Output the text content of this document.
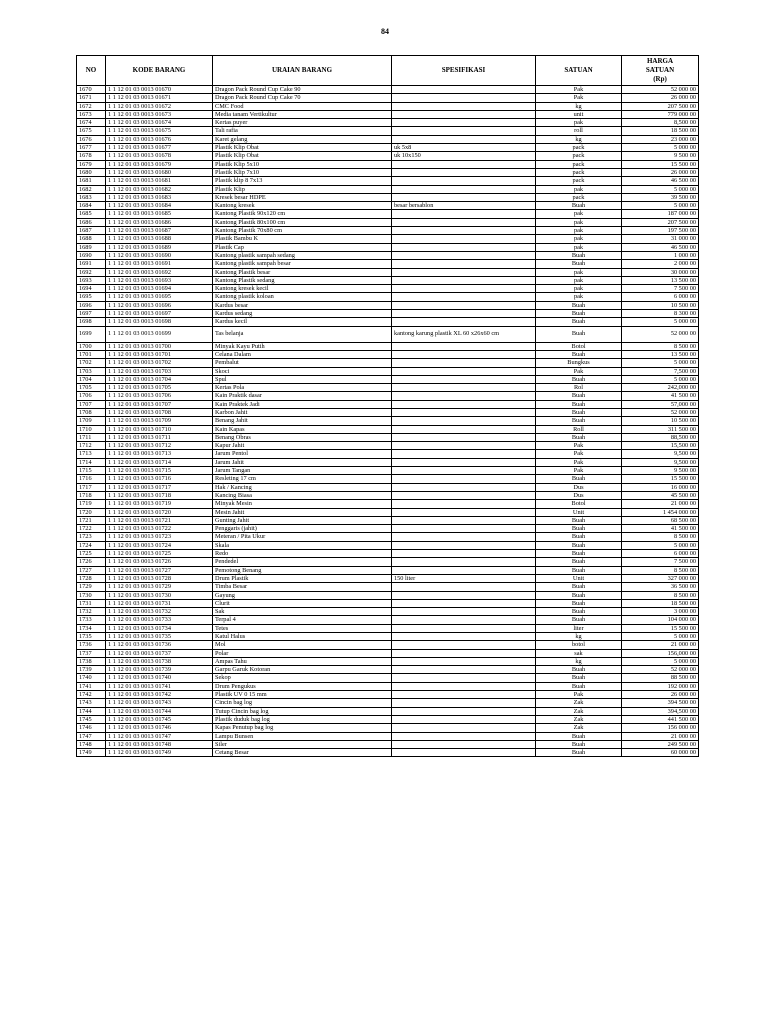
84
NO	KODE BARANG	URAIAN BARANG	SPESIFIKASI	SATUAN	HARGA
SATUAN
(Rp)

1670	1 1 12 01 03 0013 01670	Dragon Pack Round Cup Cake 90		Pak	52 000 00
1671	1 1 12 01 03 0013 01671	Dragon Pack Round Cup Cake 70		Pak	26 000 00
1672	1 1 12 01 03 0013 01672	CMC Food		kg	207 500 00
1673	1 1 12 01 03 0013 01673	Media tanam Vertikultur		unit	779 000 00
1674	1 1 12 01 03 0013 01674	Kertas puyer		pak	8,500 00
1675	1 1 12 01 03 0013 01675	Tali rafia		roll	18 500 00
1676	1 1 12 01 03 0013 01676	Karet gelang		kg	23 000 00
1677	1 1 12 01 03 0013 01677	Plastik Klip Obat	uk 5x8	pack	5 000 00
1678	1 1 12 01 03 0013 01678	Plastik Klip Obat	uk 10x150	pack	9 500 00
1679	1 1 12 01 03 0013 01679	Plastik Klip 5x10		pack	15 500 00
1680	1 1 12 01 03 0013 01680	Plastik Klip 7x10		pack	26 000 00
1681	1 1 12 01 03 0013 01681	Plastik klip 8 7x13		pack	46 500 00
1682	1 1 12 01 03 0013 01682	Plastik Klip		pak	5 000 00
1683	1 1 12 01 03 0013 01683	Kresek besar HDPE		pack	39 500 00
1684	1 1 12 01 03 0013 01684	Kantong kresek	besar bersablon	Buah	5 000 00
1685	1 1 12 01 03 0013 01685	Kantong Plastik 90x120 cm		pak	187 000 00
1686	1 1 12 01 03 0013 01686	Kantong Plastik 80x100 cm		pak	207 500 00
1687	1 1 12 01 03 0013 01687	Kantong Plastik 70x80 cm		pak	197 500 00
1688	1 1 12 01 03 0013 01688	Plastik Bambu K		pak	31 000 00
1689	1 1 12 01 03 0013 01689	Plastik Cap		pak	46 500 00
1690	1 1 12 01 03 0013 01690	Kantong plastik sampah sedang		Buah	1 000 00
1691	1 1 12 01 03 0013 01691	Kantong plastik sampah besar		Buah	2 000 00
1692	1 1 12 01 03 0013 01692	Kantong Plastik besar		pak	30 000 00
1693	1 1 12 01 03 0013 01693	Kantong Plastik sedang		pak	13 500 00
1694	1 1 12 01 03 0013 01694	Kantong kresek kecil		pak	7 500 00
1695	1 1 12 01 03 0013 01695	Kantong plastik koloan		pak	6 000 00
1696	1 1 12 01 03 0013 01696	Kardus besar		Buah	10 500 00
1697	1 1 12 01 03 0013 01697	Kardus sedang		Buah	8 300 00
1698	1 1 12 01 03 0013 01698	Kardus kecil		Buah	5 000 00
1699	1 1 12 01 03 0013 01699	Tas belanja	kantong karung plastik XL 60 x26x60 cm	Buah	52 000 00
1700	1 1 12 01 03 0013 01700	Minyak Kayu Putih		Botol	8 500 00
1701	1 1 12 01 03 0013 01701	Celana Dalam		Buah	13 500 00
1702	1 1 12 01 03 0013 01702	Pembalut		Bungkus	5 000 00
1703	1 1 12 01 03 0013 01703	Skoci		Pak	7,500 00
1704	1 1 12 01 03 0013 01704	Spul		Buah	5 000 00
1705	1 1 12 01 03 0013 01705	Kertas Pola		Rol	242,000 00
1706	1 1 12 01 03 0013 01706	Kain Praktik dasar		Buah	41 500 00
1707	1 1 12 01 03 0013 01707	Kain Praktek Jadi		Buah	57,000 00
1708	1 1 12 01 03 0013 01708	Karbon Jahit		Buah	52 000 00
1709	1 1 12 01 03 0013 01709	Benang Jahit		Buah	10 500 00
1710	1 1 12 01 03 0013 01710	Kain Kapas		Roll	311 500 00
1711	1 1 12 01 03 0013 01711	Benang Obras		Buah	88,500 00
1712	1 1 12 01 03 0013 01712	Kapur Jahit		Pak	15,500 00
1713	1 1 12 01 03 0013 01713	Jarum Pentol		Pak	9,500 00
1714	1 1 12 01 03 0013 01714	Jarum Jahit		Pak	9,500 00
1715	1 1 12 01 03 0013 01715	Jarum Tangan		Pak	9 500 00
1716	1 1 12 01 03 0013 01716	Resleting 17 cm		Buah	15 500 00
1717	1 1 12 01 03 0013 01717	Hak / Kancing		Dus	16 000 00
1718	1 1 12 01 03 0013 01718	Kancing Biasa		Dus	45 500 00
1719	1 1 12 01 03 0013 01719	Minyak Mesin		Botol	21 000 00
1720	1 1 12 01 03 0013 01720	Mesin Jahit		Unit	1 454 000 00
1721	1 1 12 01 03 0013 01721	Gunting Jahit		Buah	68 500 00
1722	1 1 12 01 03 0013 01722	Penggaris (jahit)		Buah	41 500 00
1723	1 1 12 01 03 0013 01723	Meteran / Pita Ukur		Buah	8 500 00
1724	1 1 12 01 03 0013 01724	Skala		Buah	5 000 00
1725	1 1 12 01 03 0013 01725	Redo		Buah	6 000 00
1726	1 1 12 01 03 0013 01726	Pendedel		Buah	7 500 00
1727	1 1 12 01 03 0013 01727	Pemotong Benang		Buah	8 500 00
1728	1 1 12 01 03 0013 01728	Drum Plastik	150 liter	Unit	327 000 00
1729	1 1 12 01 03 0013 01729	Timba Besar		Buah	36 500 00
1730	1 1 12 01 03 0013 01730	Gayung		Buah	8 500 00
1731	1 1 12 01 03 0013 01731	Clurit		Buah	18 500 00
1732	1 1 12 01 03 0013 01732	Sak		Buah	3 000 00
1733	1 1 12 01 03 0013 01733	Terpal 4		Buah	104 000 00
1734	1 1 12 01 03 0013 01734	Tetes		liter	15 500 00
1735	1 1 12 01 03 0013 01735	Katul Halus		kg	5 000 00
1736	1 1 12 01 03 0013 01736	Mol		botol	21 000 00
1737	1 1 12 01 03 0013 01737	Polar		sak	156,000 00
1738	1 1 12 01 03 0013 01738	Ampas Tahu		kg	5 000 00
1739	1 1 12 01 03 0013 01739	Garpu Garuk Kotoran		Buah	52 000 00
1740	1 1 12 01 03 0013 01740	Sekop		Buah	88 500 00
1741	1 1 12 01 03 0013 01741	Drum Pengukus		Buah	192 000 00
1742	1 1 12 01 03 0013 01742	Plastik UV 0 15 mm		Pak	26 000 00
1743	1 1 12 01 03 0013 01743	Cincin bag log		Zak	394 500 00
1744	1 1 12 01 03 0013 01744	Tutup Cincin bag log		Zak	394,500 00
1745	1 1 12 01 03 0013 01745	Plastik duduk bag log		Zak	441 500 00
1746	1 1 12 01 03 0013 01746	Kapas Penutup bag log		Zak	156 000 00
1747	1 1 12 01 03 0013 01747	Lampu Bunsen		Buah	21 000 00
1748	1 1 12 01 03 0013 01748	Siler		Buah	249 500 00
1749	1 1 12 01 03 0013 01749	Cetang Besar		Buah	60 000 00
